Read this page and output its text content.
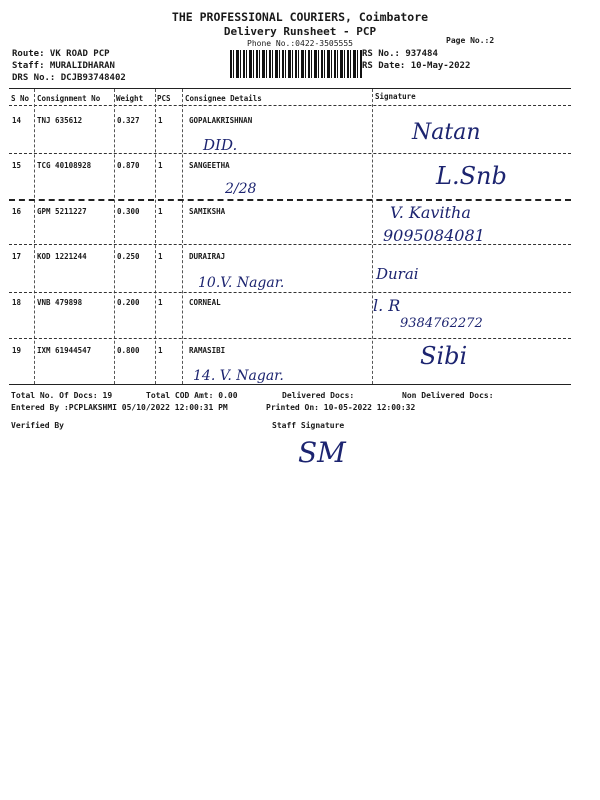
THE PROFESSIONAL COURIERS, Coimbatore
Delivery Runsheet - PCP
Phone No.:0422-3505555	Page No.:2
Route: VK ROAD PCP
Staff: MURALIDHARAN
DRS No.: DCJB93748402
RS No.: 937484
RS Date: 10-May-2022
S No Consignment No Weight PCS Consignee Details	Signature
14 TNJ 635612	0.327 1	GOPALAKRISHNAN
DID.	Natan
15 TCG 40108928	0.870 1	SANGEETHA
2/28	L.Snb
16 GPM 5211227	0.300 1	SAMIKSHA	V. Kavitha
9095084081
17 KOD 1221244	0.250 1	DURAIRAJ
10.V. Nagar.	Durai
18 VNB 479898	0.200 1	CORNEAL	l. R
9384762272
19 IXM 61944547	0.800 1	RAMASIBI
14. V. Nagar.
Sibi
Total No. Of Docs: 19	Total COD Amt: 0.00	Delivered Docs:	Non Delivered Docs:
Entered By :PCPLAKSHMI 05/10/2022 12:00:31 PM	Printed On: 10-05-2022 12:00:32
Verified By	Staff Signature
SM
